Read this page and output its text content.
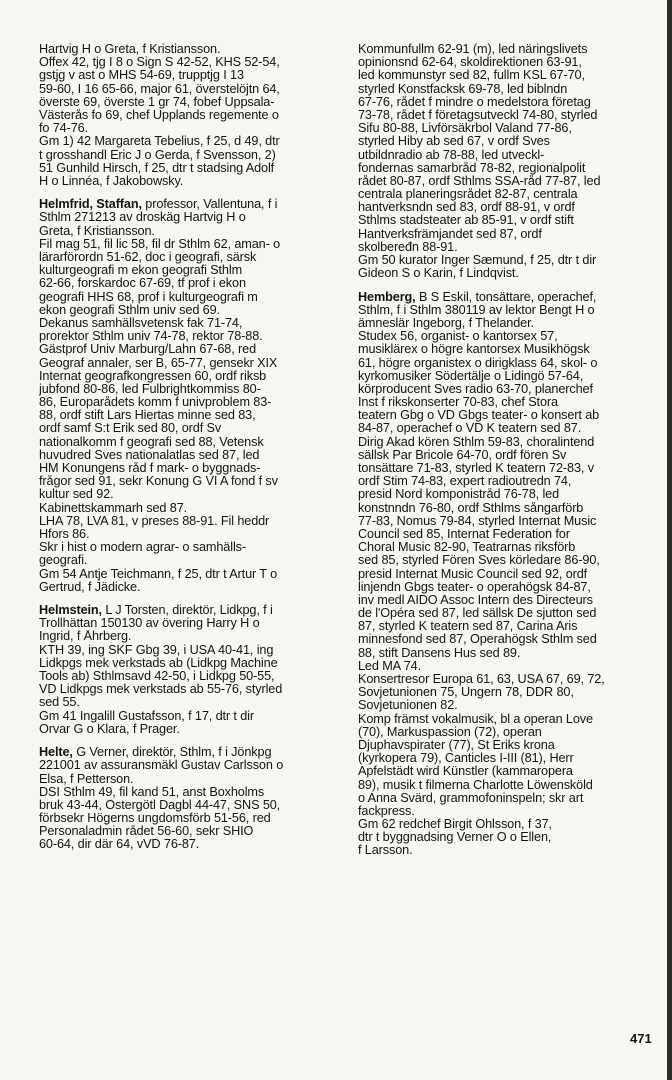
Hartvig H o Greta, f Kristiansson.
Offex 42, tjg I 8 o Sign S 42-52, KHS 52-54,
gstjg v ast o MHS 54-69, trupptjg I 13
59-60, I 16 65-66, major 61, överstelöjtn 64,
överste 69, överste 1 gr 74, fobef Uppsala-
Västerås fo 69, chef Upplands regemente o
fo 74-76.
Gm 1) 42 Margareta Tebelius, f 25, d 49, dtr
t grosshandl Eric J o Gerda, f Svensson, 2)
51 Gunhild Hirsch, f 25, dtr t stadsing Adolf
H o Linnéa, f Jakobowsky.
Helmfrid, Staffan, professor, Vallentuna, f i
Sthlm 271213 av droskäg Hartvig H o
Greta, f Kristiansson.
Fil mag 51, fil lic 58, fil dr Sthlm 62, aman- o
lärarförordn 51-62, doc i geografi, särsk
kulturgeografi m ekon geografi Sthlm
62-66, forskardoc 67-69, tf prof i ekon
geografi HHS 68, prof i kulturgeografi m
ekon geografi Sthlm univ sed 69.
Dekanus samhällsvetensk fak 71-74,
prorektor Sthlm univ 74-78, rektor 78-88.
Gästprof Univ Marburg/Lahn 67-68, red
Geograf annaler, ser B, 65-77, gensekr XIX
Internat geografkongressen 60, ordf riksb
jubfond 80-86, led Fulbrightkommiss 80-
86, Europarådets komm f univproblem 83-
88, ordf stift Lars Hiertas minne sed 83,
ordf samf S:t Erik sed 80, ordf Sv
nationalkomm f geografi sed 88, Vetensk
huvudred Sves nationalatlas sed 87, led
HM Konungens råd f mark- o byggnads-
frågor sed 91, sekr Konung G VI A fond f sv
kultur sed 92.
Kabinettskammarh sed 87.
LHA 78, LVA 81, v preses 88-91. Fil heddr
Hfors 86.
Skr i hist o modern agrar- o samhälls-
geografi.
Gm 54 Antje Teichmann, f 25, dtr t Artur T o
Gertrud, f Jädicke.
Helmstein, L J Torsten, direktör, Lidkpg, f i
Trollhättan 150130 av övering Harry H o
Ingrid, f Åhrberg.
KTH 39, ing SKF Gbg 39, i USA 40-41, ing
Lidkpgs mek verkstads ab (Lidkpg Machine
Tools ab) Sthlmsavd 42-50, i Lidkpg 50-55,
VD Lidkpgs mek verkstads ab 55-76, styrled
sed 55.
Gm 41 Ingalill Gustafsson, f 17, dtr t dir
Orvar G o Klara, f Prager.
Helte, G Verner, direktör, Sthlm, f i Jönkpg
221001 av assuransmäkl Gustav Carlsson o
Elsa, f Petterson.
DSI Sthlm 49, fil kand 51, anst Boxholms
bruk 43-44, Östergötl Dagbl 44-47, SNS 50,
förbsekr Högerns ungdomsförb 51-56, red
Personaladmin rådet 56-60, sekr SHIO
60-64, dir där 64, vVD 76-87.
Kommunfullm 62-91 (m), led näringslivets
opinionsnd 62-64, skoldirektionen 63-91,
led kommunstyr sed 82, fullm KSL 67-70,
styrled Konstfacksk 69-78, led biblndn
67-76, rådet f mindre o medelstora företag
73-78, rådet f företagsutveckl 74-80, styrled
Sifu 80-88, Livförsäkrbol Valand 77-86,
styrled Hiby ab sed 67, v ordf Sves
utbildnradio ab 78-88, led utveckl-
fondernas samarbråd 78-82, regionalpolit
rådet 80-87, ordf Sthlms SSA-råd 77-87, led
centrala planeringsrådet 82-87, centrala
hantverksndn sed 83, ordf 88-91, v ordf
Sthlms stadsteater ab 85-91, v ordf stift
Hantverksfrämjandet sed 87, ordf
skolbeređn 88-91.
Gm 50 kurator Inger Sæmund, f 25, dtr t dir
Gideon S o Karin, f Lindqvist.
Hemberg, B S Eskil, tonsättare, operachef,
Sthlm, f i Sthlm 380119 av lektor Bengt H o
ämneslär Ingeborg, f Thelander.
Studex 56, organist- o kantorsex 57,
musiklärex o högre kantorsex Musikhögsk
61, högre organistex o dirigklass 64, skol- o
kyrkomusiker Södertälje o Lidingö 57-64,
körproducent Sves radio 63-70, planerchef
Inst f rikskonserter 70-83, chef Stora
teatern Gbg o VD Gbgs teater- o konsert ab
84-87, operachef o VD K teatern sed 87.
Dirig Akad kören Sthlm 59-83, choralintend
sällsk Par Bricole 64-70, ordf fören Sv
tonsättare 71-83, styrled K teatern 72-83, v
ordf Stim 74-83, expert radioutredn 74,
presid Nord komponistråd 76-78, led
konstnndn 76-80, ordf Sthlms sångarförb
77-83, Nomus 79-84, styrled Internat Music
Council sed 85, Internat Federation for
Choral Music 82-90, Teatrarnas riksförb
sed 85, styrled Fören Sves körledare 86-90,
presid Internat Music Council sed 92, ordf
linjendn Gbgs teater- o operahögsk 84-87,
inv medl AIDO Assoc Intern des Directeurs
de l'Opéra sed 87, led sällsk De sjutton sed
87, styrled K teatern sed 87, Carina Aris
minnesfond sed 87, Operahögsk Sthlm sed
88, stift Dansens Hus sed 89.
Led MA 74.
Konsertresor Europa 61, 63, USA 67, 69, 72,
Sovjetunionen 75, Ungern 78, DDR 80,
Sovjetunionen 82.
Komp främst vokalmusik, bl a operan Love
(70), Markuspassion (72), operan
Djuphavspirater (77), St Eriks krona
(kyrkopera 79), Canticles I-III (81), Herr
Apfelstädt wird Künstler (kammaropera
89), musik t filmerna Charlotte Löwensköld
o Anna Svärd, grammofoninspeln; skr art
fackpress.
Gm 62 redchef Birgit Ohlsson, f 37,
dtr t byggnadsing Verner O o Ellen,
f Larsson.
471
